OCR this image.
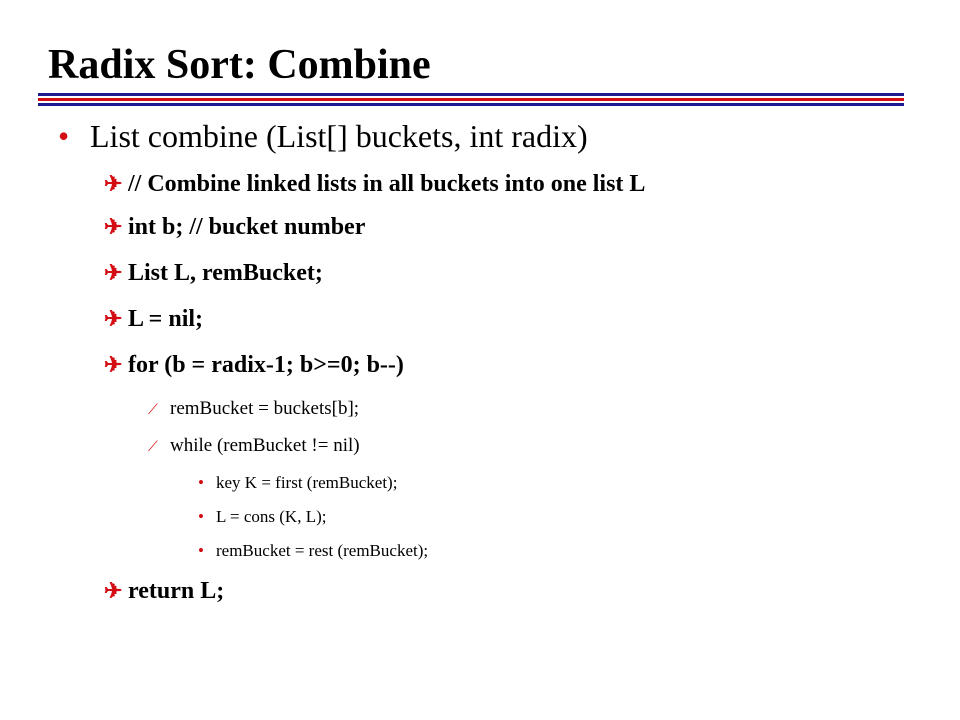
Radix Sort: Combine
• List combine (List[] buckets, int radix)
✈ // Combine linked lists in all buckets into one list L
✈ int b; // bucket number
✈ List L, remBucket;
✈ L = nil;
✈ for (b = radix-1; b>=0; b--)
⟋ remBucket = buckets[b];
⟋ while (remBucket != nil)
• key K = first (remBucket);
• L = cons (K, L);
• remBucket = rest (remBucket);
✈ return L;
